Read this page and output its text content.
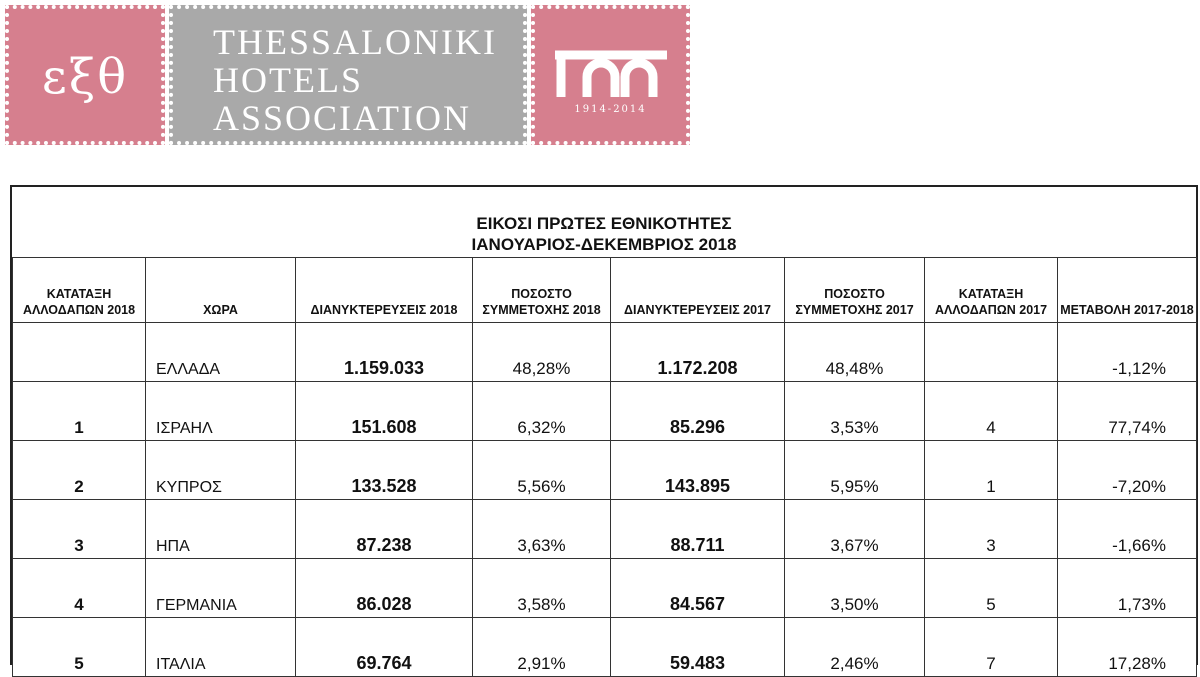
εξθ
THESSALONIKI
HOTELS
ASSOCIATION	1914-2014
ΕΙΚΟΣΙ ΠΡΩΤΕΣ ΕΘΝΙΚΟΤΗΤΕΣ
ΙΑΝΟΥΑΡΙΟΣ-ΔΕΚΕΜΒΡΙΟΣ 2018
ΚΑΤΑΤΑΞΗ ΑΛΛΟΔΑΠΩΝ 2018	ΧΩΡΑ	ΔΙΑΝΥΚΤΕΡΕΥΣΕΙΣ 2018	ΠΟΣΟΣΤΟ ΣΥΜΜΕΤΟΧΗΣ 2018	ΔΙΑΝΥΚΤΕΡΕΥΣΕΙΣ 2017	ΠΟΣΟΣΤΟ ΣΥΜΜΕΤΟΧΗΣ 2017	ΚΑΤΑΤΑΞΗ ΑΛΛΟΔΑΠΩΝ 2017	ΜΕΤΑΒΟΛΗ 2017-2018
	ΕΛΛΑΔΑ	1.159.033	48,28%	1.172.208	48,48%		-1,12%
1	ΙΣΡΑΗΛ	151.608	6,32%	85.296	3,53%	4	77,74%
2	ΚΥΠΡΟΣ	133.528	5,56%	143.895	5,95%	1	-7,20%
3	ΗΠΑ	87.238	3,63%	88.711	3,67%	3	-1,66%
4	ΓΕΡΜΑΝΙΑ	86.028	3,58%	84.567	3,50%	5	1,73%
5	ΙΤΑΛΙΑ	69.764	2,91%	59.483	2,46%	7	17,28%
